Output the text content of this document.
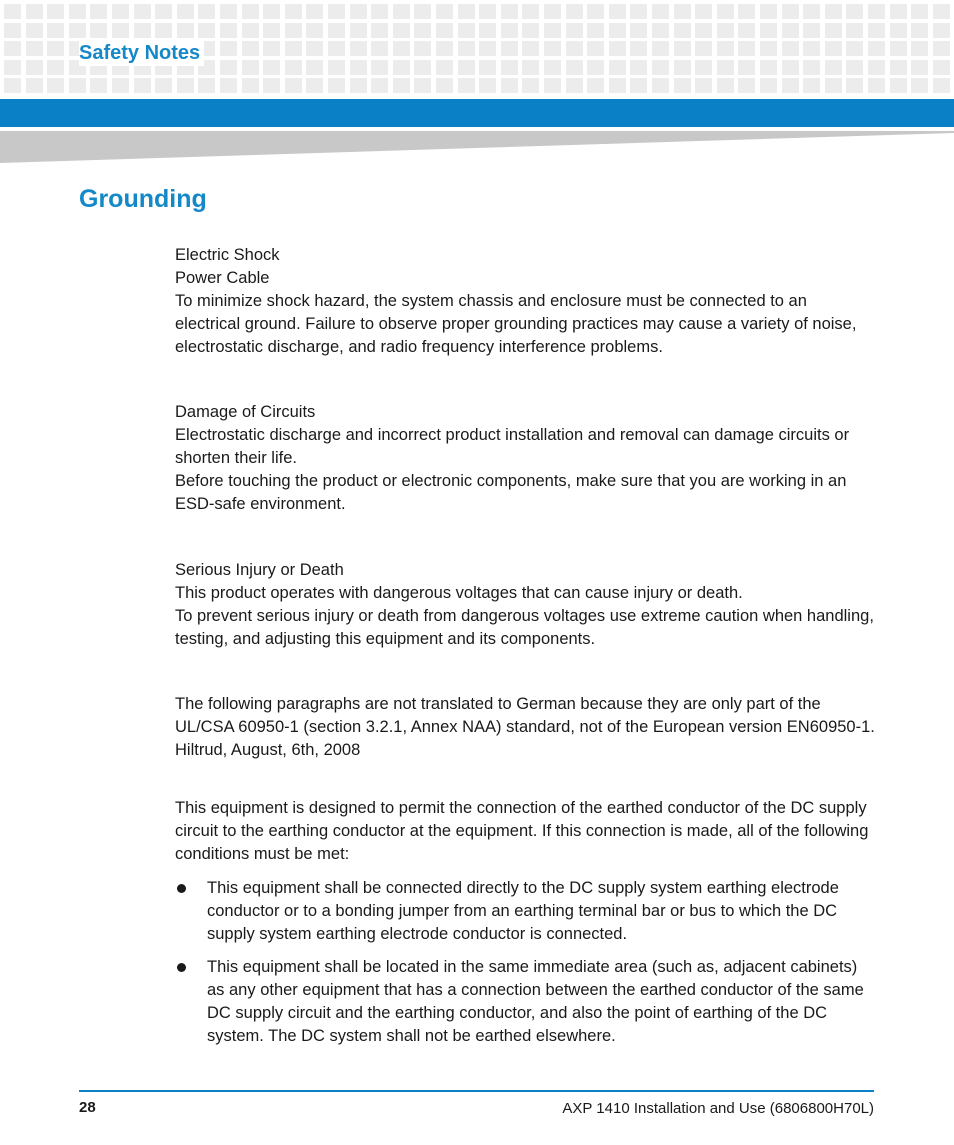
Safety Notes
Grounding

Electric Shock

Power Cable

To minimize shock hazard, the system chassis and enclosure must be connected to an electrical ground. Failure to observe proper grounding practices may cause a variety of noise, electrostatic discharge, and radio frequency interference problems.

Damage of Circuits

Electrostatic discharge and incorrect product installation and removal can damage circuits or shorten their life.

Before touching the product or electronic components, make sure that you are working in an ESD-safe environment.

Serious Injury or Death

This product operates with dangerous voltages that can cause injury or death.

To prevent serious injury or death from dangerous voltages use extreme caution when handling, testing, and adjusting this equipment and its components.

The following paragraphs are not translated to German because they are only part of the UL/CSA 60950-1 (section 3.2.1, Annex NAA) standard, not of the European version EN60950-1. Hiltrud, August, 6th, 2008

This equipment is designed to permit the connection of the earthed conductor of the DC supply circuit to the earthing conductor at the equipment. If this connection is made, all of the following conditions must be met:

This equipment shall be connected directly to the DC supply system earthing electrode conductor or to a bonding jumper from an earthing terminal bar or bus to which the DC supply system earthing electrode conductor is connected.
This equipment shall be located in the same immediate area (such as, adjacent cabinets) as any other equipment that has a connection between the earthed conductor of the same DC supply circuit and the earthing conductor, and also the point of earthing of the DC system. The DC system shall not be earthed elsewhere.
28	AXP 1410 Installation and Use (6806800H70L)
